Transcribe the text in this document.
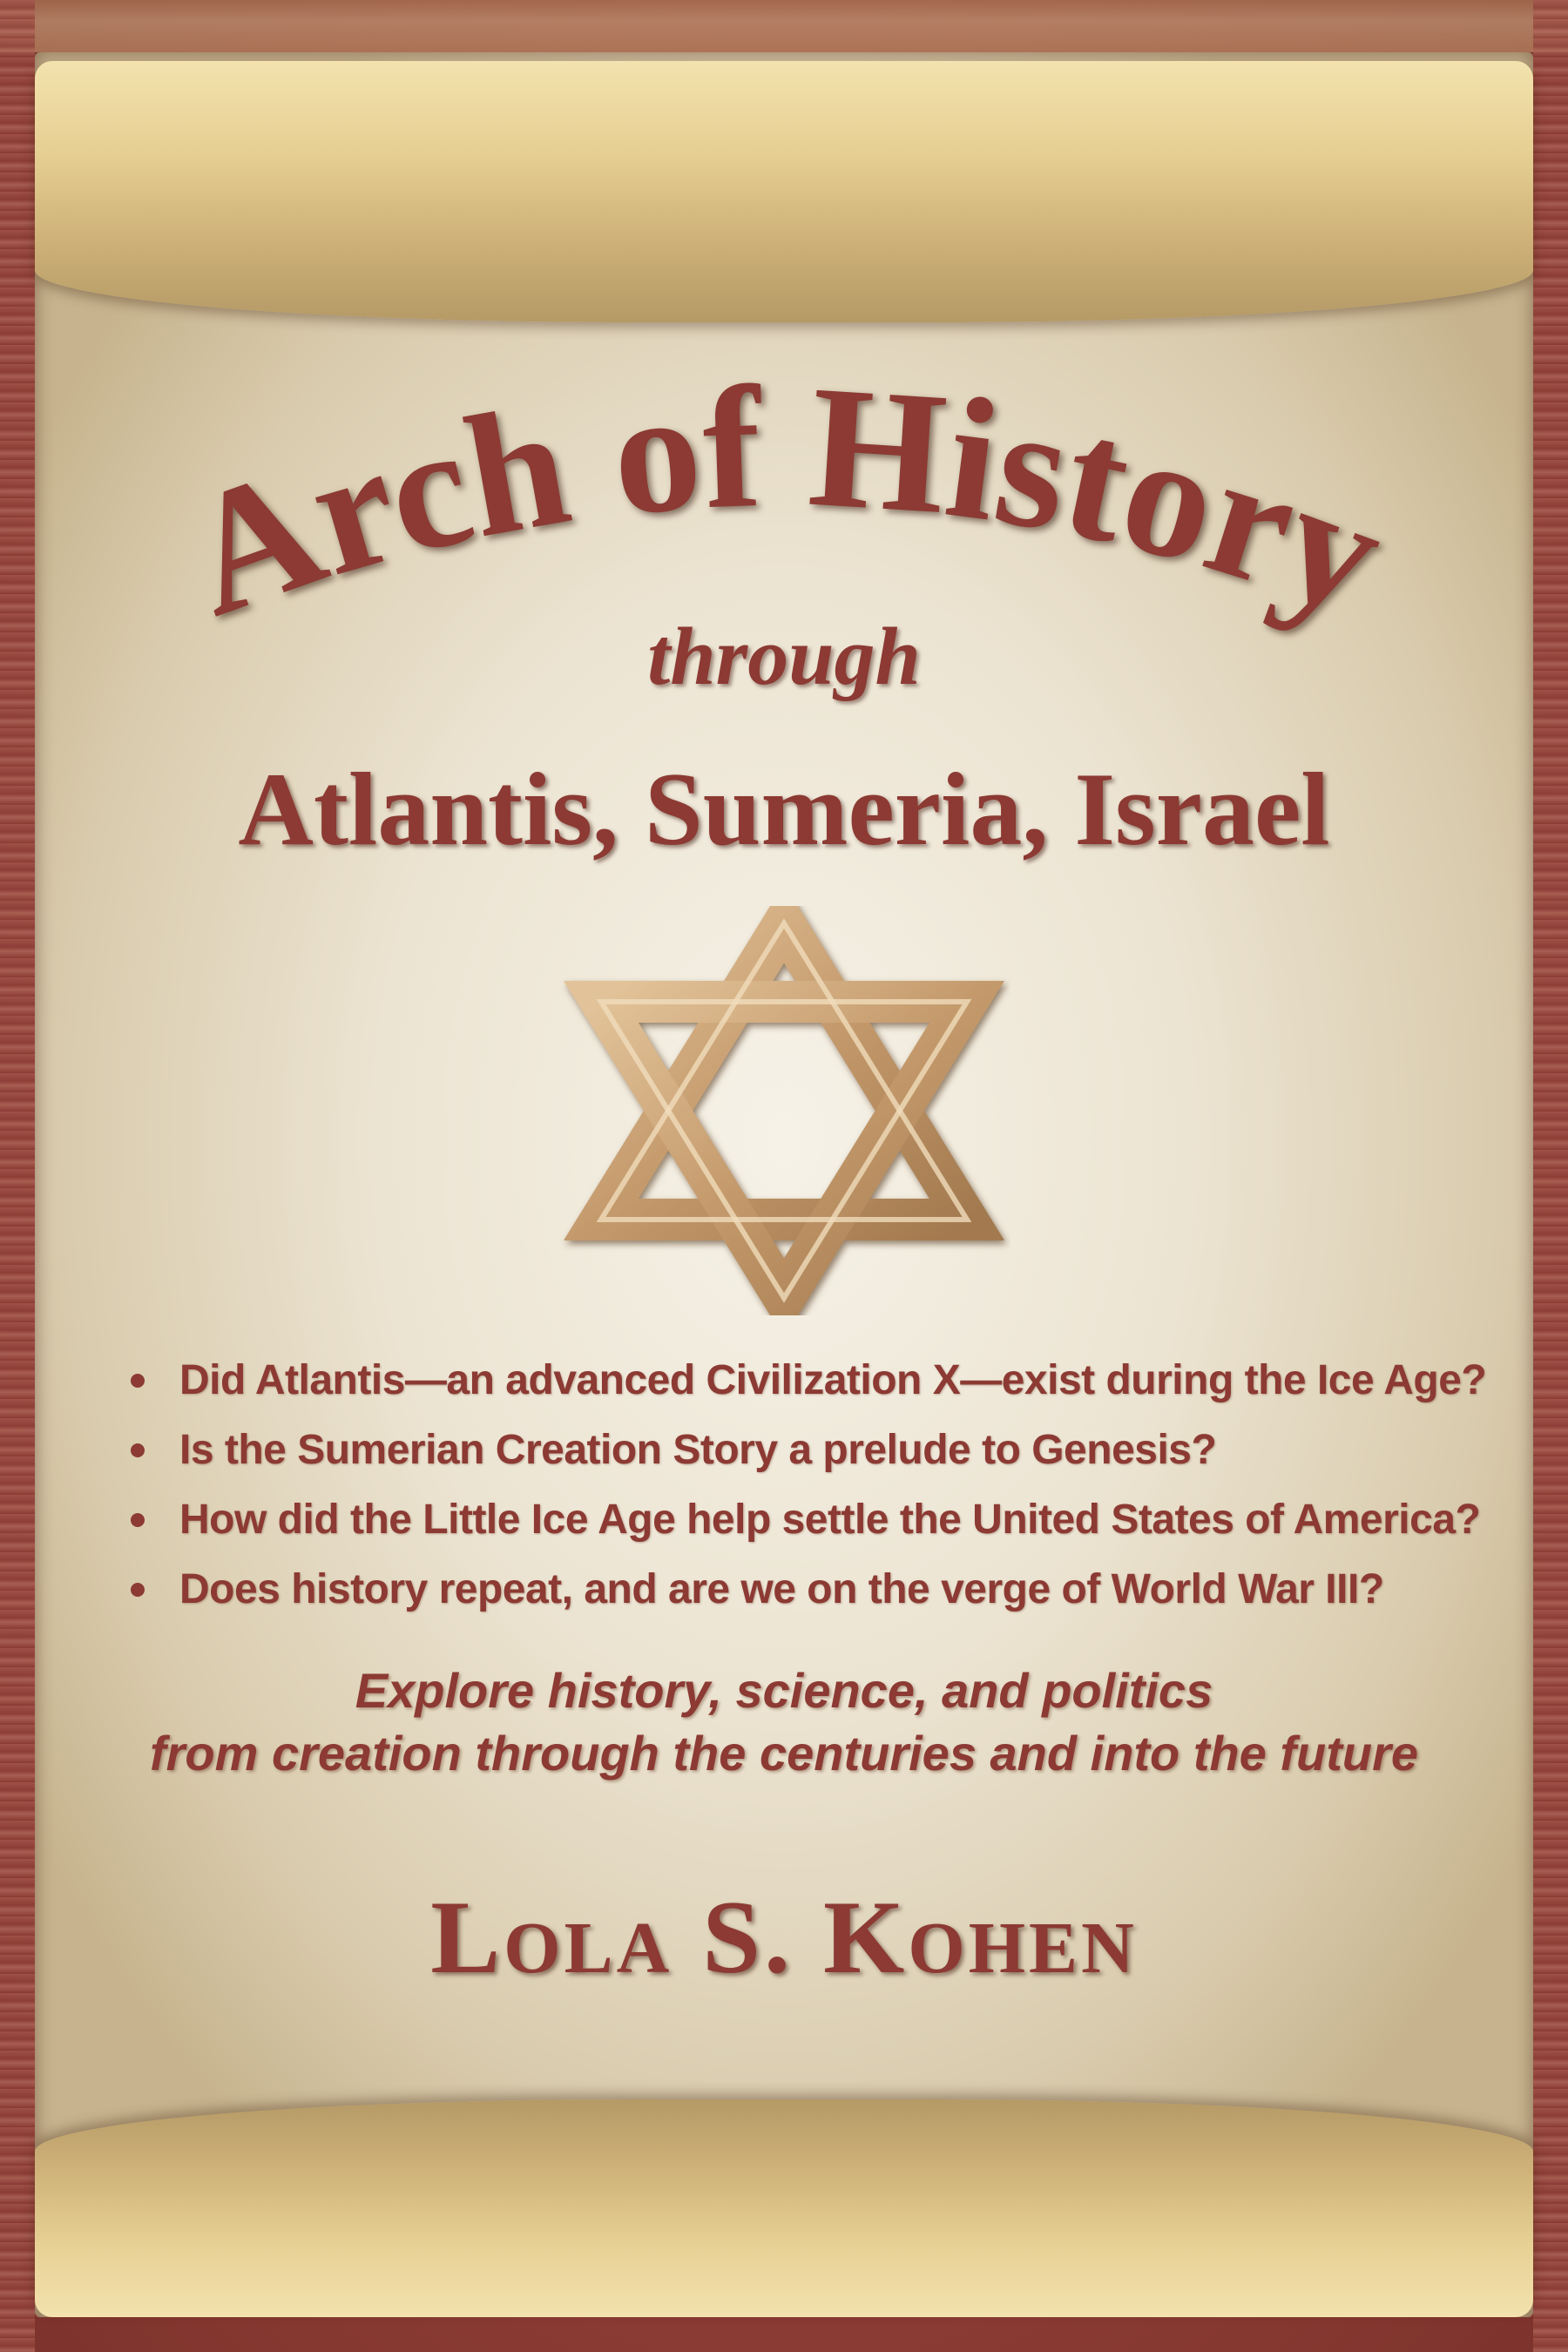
Arch of History
through
Atlantis, Sumeria, Israel
Did Atlantis—an advanced Civilization X—exist during the Ice Age?
Is the Sumerian Creation Story a prelude to Genesis?
How did the Little Ice Age help settle the United States of America?
Does history repeat, and are we on the verge of World War III?
Explore history, science, and politics
from creation through the centuries and into the future
Lola S. Kohen
